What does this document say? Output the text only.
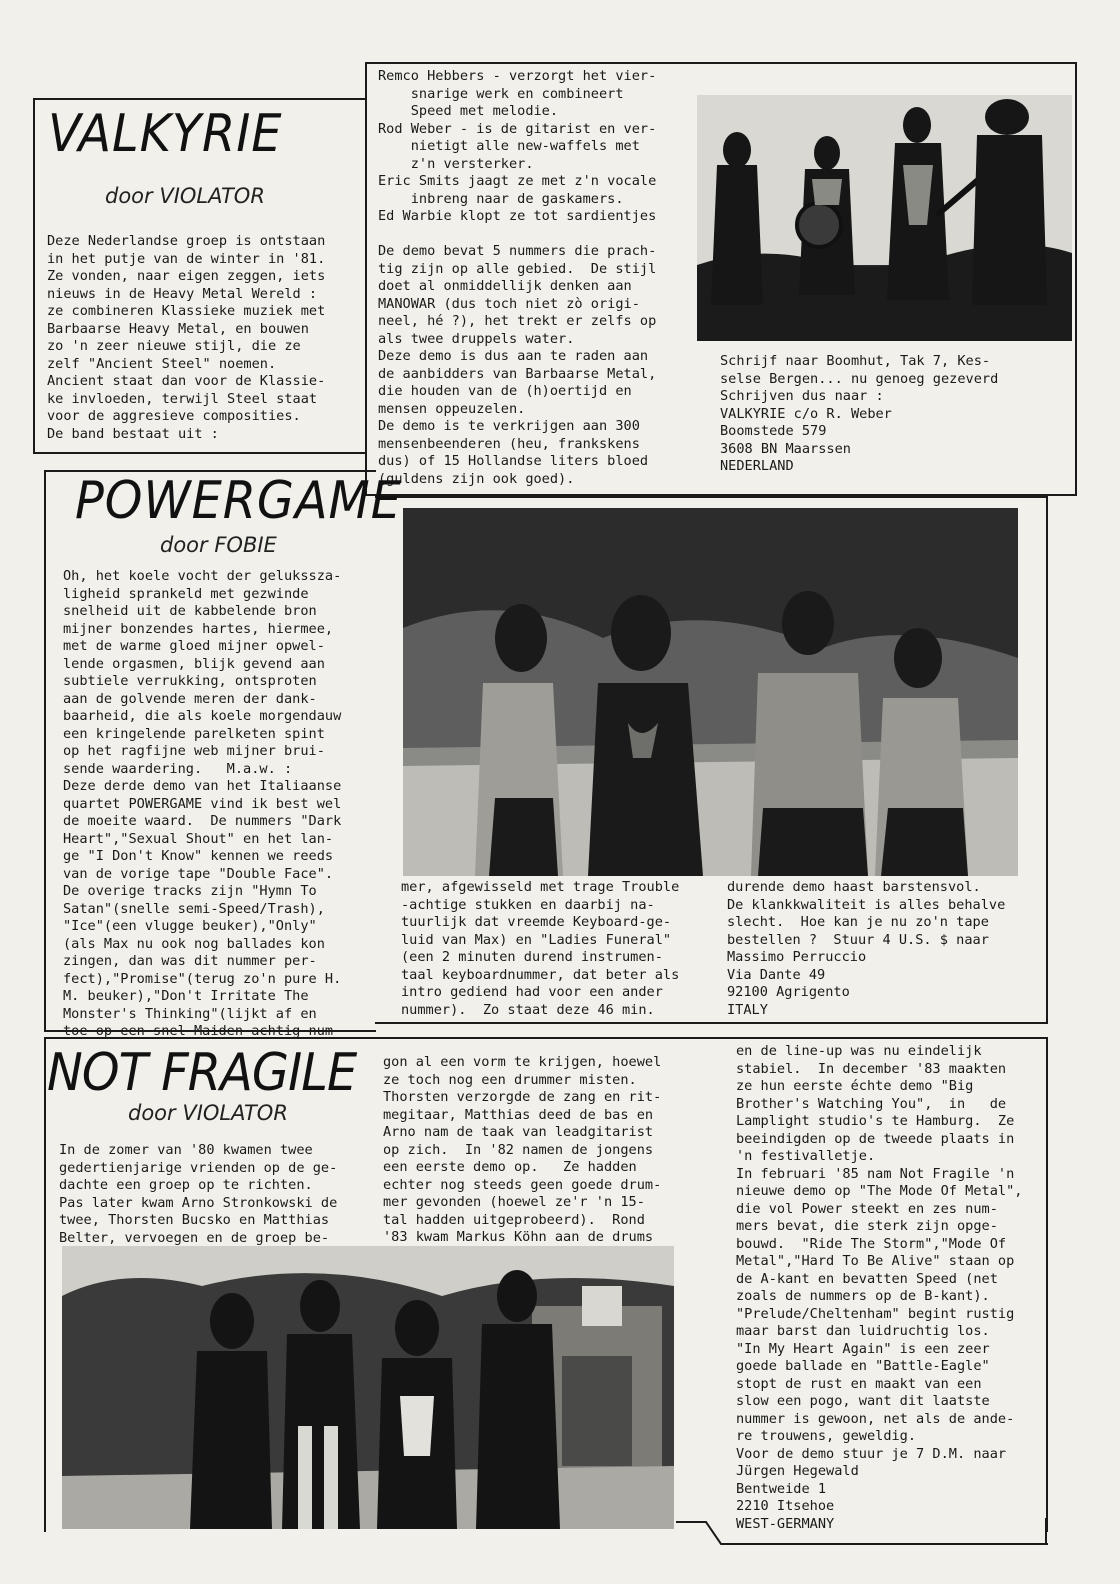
VALKYRIE
door VIOLATOR
Deze Nederlandse groep is ontstaan
in het putje van de winter in '81.
Ze vonden, naar eigen zeggen, iets
nieuws in de Heavy Metal Wereld :
ze combineren Klassieke muziek met
Barbaarse Heavy Metal, en bouwen
zo 'n zeer nieuwe stijl, die ze
zelf "Ancient Steel" noemen.
Ancient staat dan voor de Klassie-
ke invloeden, terwijl Steel staat
voor de aggresieve composities.
De band bestaat uit :
Remco Hebbers - verzorgt het vier-
snarige werk en combineert
Speed met melodie.
Rod Weber - is de gitarist en ver-
nietigt alle new-waffels met
z'n versterker.
Eric Smits jaagt ze met z'n vocale
inbreng naar de gaskamers.
Ed Warbie klopt ze tot sardientjes

De demo bevat 5 nummers die prach-
tig zijn op alle gebied.  De stijl
doet al onmiddellijk denken aan
MANOWAR (dus toch niet zò origi-
neel, hé ?), het trekt er zelfs op
als twee druppels water.
Deze demo is dus aan te raden aan
de aanbidders van Barbaarse Metal,
die houden van de (h)oertijd en
mensen oppeuzelen.
De demo is te verkrijgen aan 300
mensenbeenderen (heu, frankskens
dus) of 15 Hollandse liters bloed
(guldens zijn ook goed).
Schrijf naar Boomhut, Tak 7, Kes-
selse Bergen... nu genoeg gezeverd
Schrijven dus naar :
VALKYRIE c/o R. Weber
Boomstede 579
3608 BN Maarssen
NEDERLAND
POWERGAME
door FOBIE
Oh, het koele vocht der gelukssza-
ligheid sprankeld met gezwinde
snelheid uit de kabbelende bron
mijner bonzendes hartes, hiermee,
met de warme gloed mijner opwel-
lende orgasmen, blijk gevend aan
subtiele verrukking, ontsproten
aan de golvende meren der dank-
baarheid, die als koele morgendauw
een kringelende parelketen spint
op het ragfijne web mijner brui-
sende waardering.   M.a.w. :
Deze derde demo van het Italiaanse
quartet POWERGAME vind ik best wel
de moeite waard.  De nummers "Dark
Heart","Sexual Shout" en het lan-
ge "I Don't Know" kennen we reeds
van de vorige tape "Double Face".
De overige tracks zijn "Hymn To
Satan"(snelle semi-Speed/Trash),
"Ice"(een vlugge beuker),"Only"
(als Max nu ook nog ballades kon
zingen, dan was dit nummer per-
fect),"Promise"(terug zo'n pure H.
M. beuker),"Don't Irritate The
Monster's Thinking"(lijkt af en
toe op een snel Maiden-achtig num-
mer, afgewisseld met trage Trouble
-achtige stukken en daarbij na-
tuurlijk dat vreemde Keyboard-ge-
luid van Max) en "Ladies Funeral"
(een 2 minuten durend instrumen-
taal keyboardnummer, dat beter als
intro gediend had voor een ander
nummer).  Zo staat deze 46 min.
durende demo haast barstensvol.
De klankkwaliteit is alles behalve
slecht.  Hoe kan je nu zo'n tape
bestellen ?  Stuur 4 U.S. $ naar
Massimo Perruccio
Via Dante 49
92100 Agrigento
ITALY
NOT FRAGILE
door VIOLATOR
In de zomer van '80 kwamen twee
gedertienjarige vrienden op de ge-
dachte een groep op te richten.
Pas later kwam Arno Stronkowski de
twee, Thorsten Bucsko en Matthias
Belter, vervoegen en de groep be-
gon al een vorm te krijgen, hoewel
ze toch nog een drummer misten.
Thorsten verzorgde de zang en rit-
megitaar, Matthias deed de bas en
Arno nam de taak van leadgitarist
op zich.  In '82 namen de jongens
een eerste demo op.   Ze hadden
echter nog steeds geen goede drum-
mer gevonden (hoewel ze'r 'n 15-
tal hadden uitgeprobeerd).  Rond
'83 kwam Markus Köhn aan de drums
en de line-up was nu eindelijk
stabiel.  In december '83 maakten
ze hun eerste échte demo "Big
Brother's Watching You",  in   de
Lamplight studio's te Hamburg.  Ze
beeindigden op de tweede plaats in
'n festivalletje.
In februari '85 nam Not Fragile 'n
nieuwe demo op "The Mode Of Metal",
die vol Power steekt en zes num-
mers bevat, die sterk zijn opge-
bouwd.  "Ride The Storm","Mode Of
Metal","Hard To Be Alive" staan op
de A-kant en bevatten Speed (net
zoals de nummers op de B-kant).
"Prelude/Cheltenham" begint rustig
maar barst dan luidruchtig los.
"In My Heart Again" is een zeer
goede ballade en "Battle-Eagle"
stopt de rust en maakt van een
slow een pogo, want dit laatste
nummer is gewoon, net als de ande-
re trouwens, geweldig.
Voor de demo stuur je 7 D.M. naar
Jürgen Hegewald
Bentweide 1
2210 Itsehoe
WEST-GERMANY
